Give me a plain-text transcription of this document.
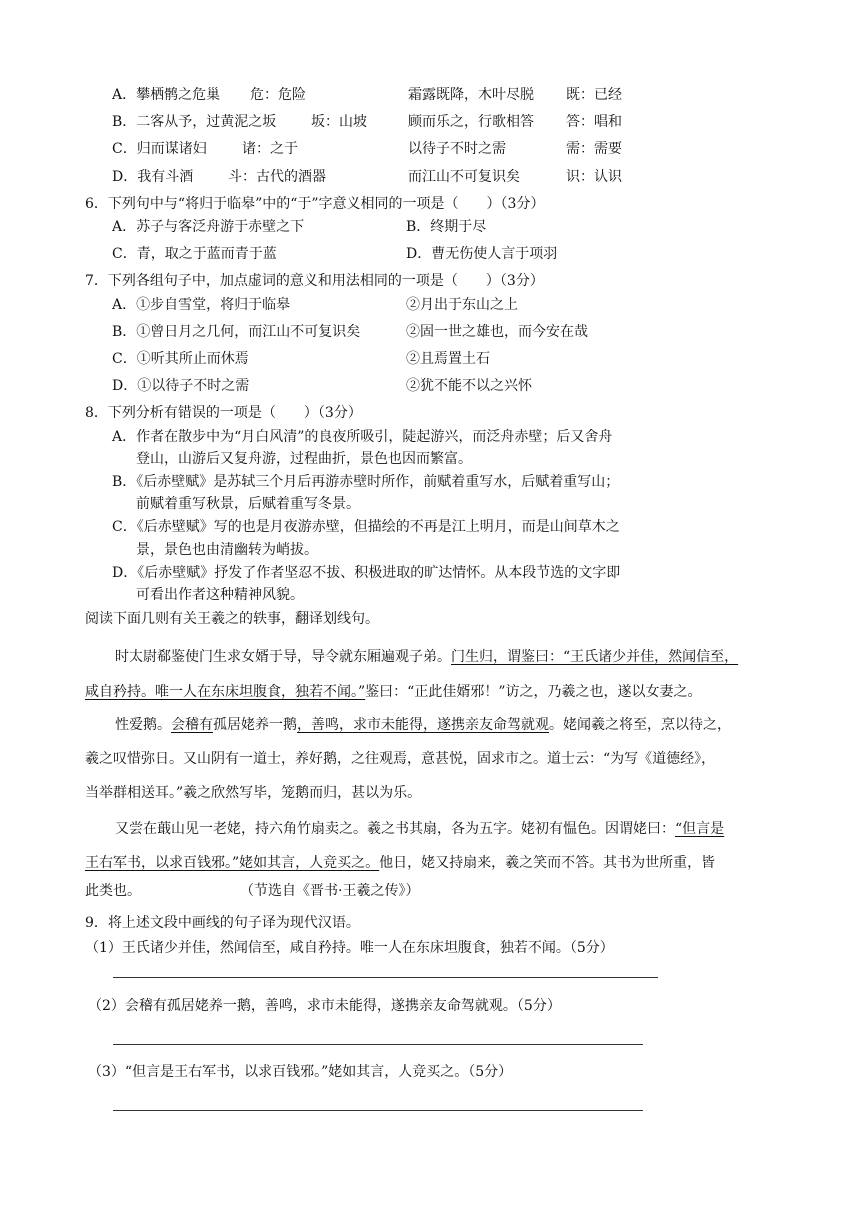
A．攀栖鹘之危巢 危：危险	霜露既降，木叶尽脱 既：已经
B．二客从予，过黄泥之坂 坂：山坡	顾而乐之，行歌相答 答：唱和
C．归而谋诸妇	诸：之于	以待子不时之需	需：需要
D．我有斗酒 斗：古代的酒器	而江山不可复识矣	识：认识
6．下列句中与“将归于临皋”中的“于”字意义相同的一项是（　　）（3分）
A．苏子与客泛舟游于赤壁之下	B．终期于尽
C．青，取之于蓝而青于蓝	D．曹无伤使人言于项羽
7．下列各组句子中，加点虚词的意义和用法相同的一项是（　　）（3分）
A．①步自雪堂，将归于临皋	②月出于东山之上
B．①曾日月之几何，而江山不可复识矣	②固一世之雄也，而今安在哉
C．①听其所止而休焉	②且焉置土石
D．①以待子不时之需	②犹不能不以之兴怀
8．下列分析有错误的一项是（　　）（3分）
A．作者在散步中为“月白风清”的良夜所吸引，陡起游兴，而泛舟赤壁；后又舍舟
登山，山游后又复舟游，过程曲折，景色也因而繁富。
B．《后赤壁赋》是苏轼三个月后再游赤壁时所作，前赋着重写水，后赋着重写山；
前赋着重写秋景，后赋着重写冬景。
C．《后赤壁赋》写的也是月夜游赤壁，但描绘的不再是江上明月，而是山间草木之
景，景色也由清幽转为峭拔。
D．《后赤壁赋》抒发了作者坚忍不拔、积极进取的旷达情怀。从本段节选的文字即
可看出作者这种精神风貌。
阅读下面几则有关王羲之的轶事，翻译划线句。
时太尉郗鉴使门生求女婿于导，导令就东厢遍观子弟。门生归，谓鉴曰：“王氏诸少并佳，然闻信至，
咸自矜持。唯一人在东床坦腹食，独若不闻。”鉴曰：“正此佳婿邪！”访之，乃羲之也，遂以女妻之。
性爱鹅。会稽有孤居姥养一鹅，善鸣，求市未能得，遂携亲友命驾就观。姥闻羲之将至，烹以待之，
羲之叹惜弥日。又山阴有一道士，养好鹅，之往观焉，意甚悦，固求市之。道士云：“为写《道德经》，
当举群相送耳。”羲之欣然写毕，笼鹅而归，甚以为乐。
又尝在蕺山见一老姥，持六角竹扇卖之。羲之书其扇，各为五字。姥初有愠色。因谓姥曰：“但言是
王右军书，以求百钱邪。”姥如其言，人竞买之。他日，姥又持扇来，羲之笑而不答。其书为世所重，皆
此类也。	（节选自《晋书·王羲之传》）
9．将上述文段中画线的句子译为现代汉语。
（1）王氏诸少并佳，然闻信至，咸自矜持。唯一人在东床坦腹食，独若不闻。（5分）
（2）会稽有孤居姥养一鹅，善鸣，求市未能得，遂携亲友命驾就观。（5分）
（3）“但言是王右军书，以求百钱邪。”姥如其言，人竞买之。（5分）
